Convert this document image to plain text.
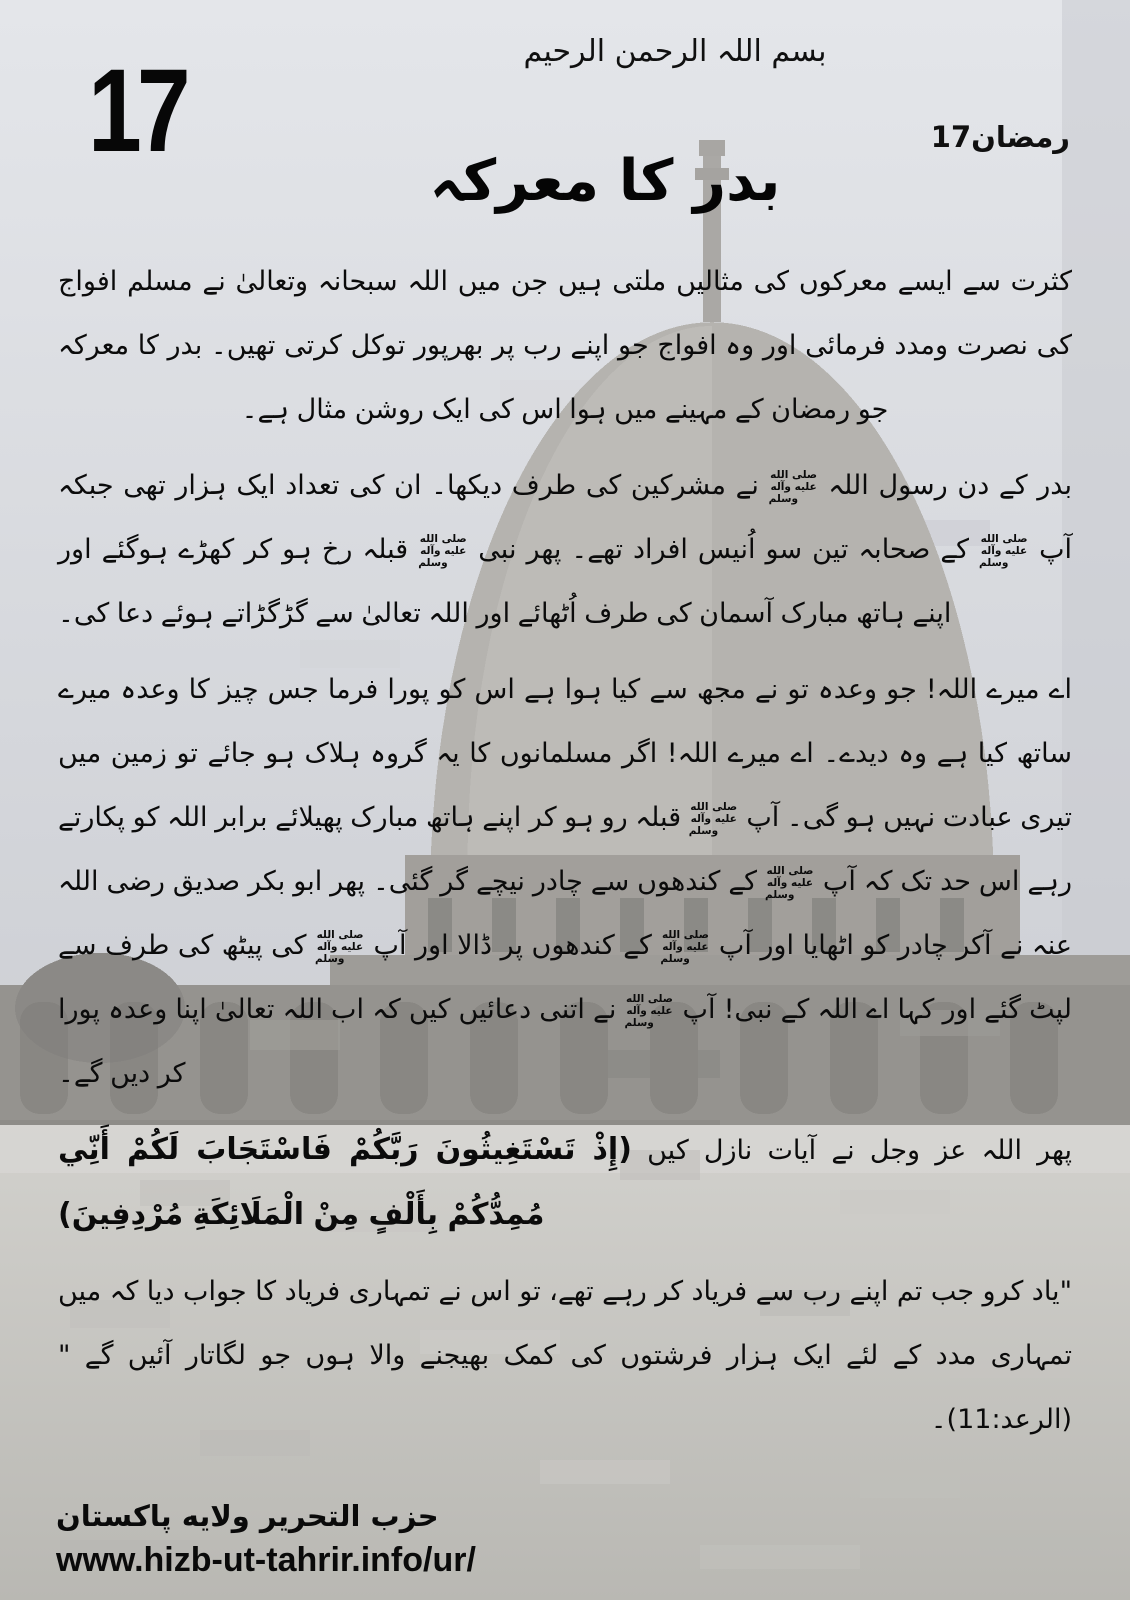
بسم اللہ الرحمن الرحیم
17	17رمضان
بدر کا معرکہ

کثرت سے ایسے معرکوں کی مثالیں ملتی ہیں جن میں اللہ سبحانہ وتعالیٰ نے مسلم افواج کی نصرت ومدد فرمائی اور وہ افواج جو اپنے رب پر بھرپور توکل کرتی تھیں۔ بدر کا معرکہ جو رمضان کے مہینے میں ہوا اس کی ایک روشن مثال ہے۔

بدر کے دن رسول اللہ صلى الله عليه وآله وسلم نے مشرکین کی طرف دیکھا۔ ان کی تعداد ایک ہزار تھی جبکہ آپ صلى الله عليه وآله وسلم کے صحابہ تین سو اُنیس افراد تھے۔ پھر نبی صلى الله عليه وآله وسلم قبلہ رخ ہو کر کھڑے ہوگئے اور اپنے ہاتھ مبارک آسمان کی طرف اُٹھائے اور اللہ تعالیٰ سے گڑگڑاتے ہوئے دعا کی۔

اے میرے اللہ! جو وعدہ تو نے مجھ سے کیا ہوا ہے اس کو پورا فرما جس چیز کا وعدہ میرے ساتھ کیا ہے وہ دیدے۔ اے میرے اللہ! اگر مسلمانوں کا یہ گروہ ہلاک ہو جائے تو زمین میں تیری عبادت نہیں ہو گی۔ آپ صلى الله عليه وآله وسلم قبلہ رو ہو کر اپنے ہاتھ مبارک پھیلائے برابر اللہ کو پکارتے رہے اس حد تک کہ آپ صلى الله عليه وآله وسلم کے کندھوں سے چادر نیچے گر گئی۔ پھر ابو بکر صدیق رضی اللہ عنہ نے آکر چادر کو اٹھایا اور آپ صلى الله عليه وآله وسلم کے کندھوں پر ڈالا اور آپ صلى الله عليه وآله وسلم کی پیٹھ کی طرف سے لپٹ گئے اور کہا اے اللہ کے نبی! آپ صلى الله عليه وآله وسلم نے اتنی دعائیں کیں کہ اب اللہ تعالیٰ اپنا وعدہ پورا کر دیں گے۔

پھر اللہ عز وجل نے آیات نازل کیں (إِذْ تَسْتَغِيثُونَ رَبَّكُمْ فَاسْتَجَابَ لَكُمْ أَنِّي مُمِدُّكُمْ بِأَلْفٍ مِنْ الْمَلَائِكَةِ مُرْدِفِينَ)

"یاد کرو جب تم اپنے رب سے فریاد کر رہے تھے، تو اس نے تمہاری فریاد کا جواب دیا کہ میں تمہاری مدد کے لئے ایک ہزار فرشتوں کی کمک بھیجنے والا ہوں جو لگاتار آئیں گے "(الرعد:11)۔

حزب التحرير ولايه پاكستان
www.hizb-ut-tahrir.info/ur/
